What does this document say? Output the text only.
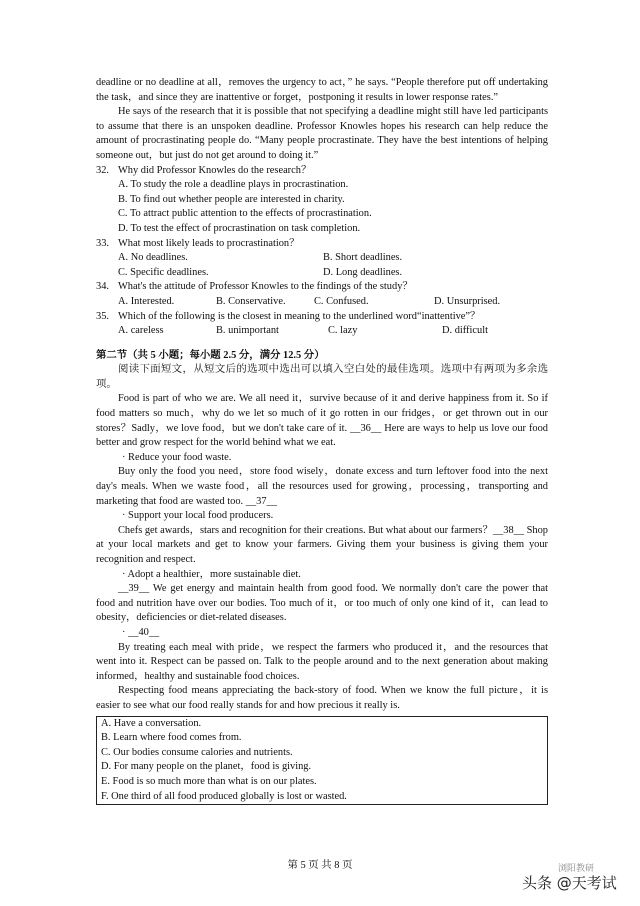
deadline or no deadline at all，removes the urgency to act，” he says. “People therefore put off undertaking the task，and since they are inattentive or forget，postponing it results in lower response rates.”

He says of the research that it is possible that not specifying a deadline might still have led participants to assume that there is an unspoken deadline. Professor Knowles hopes his research can help reduce the amount of procrastinating people do. “Many people procrastinate. They have the best intentions of helping someone out，but just do not get around to doing it.”

32. Why did Professor Knowles do the research？
A. To study the role a deadline plays in procrastination.
B. To find out whether people are interested in charity.
C. To attract public attention to the effects of procrastination.
D. To test the effect of procrastination on task completion.
33. What most likely leads to procrastination？
A. No deadlines.	B. Short deadlines.
C. Specific deadlines.	D. Long deadlines.
34. What's the attitude of Professor Knowles to the findings of the study？
A. Interested.	B. Conservative.	C. Confused.	D. Unsurprised.
35. Which of the following is the closest in meaning to the underlined word“inattentive”？
A. careless	B. unimportant	C. lazy	D. difficult

第二节（共 5 小题；每小题 2.5 分，满分 12.5 分）

阅读下面短文，从短文后的选项中选出可以填入空白处的最佳选项。选项中有两项为多余选项。

Food is part of who we are. We all need it，survive because of it and derive happiness from it. So if food matters so much，why do we let so much of it go rotten in our fridges，or get thrown out in our stores？Sadly，we love food，but we don't take care of it. __36__ Here are ways to help us love our food better and grow respect for the world behind what we eat.

· Reduce your food waste.

Buy only the food you need，store food wisely，donate excess and turn leftover food into the next day's meals. When we waste food，all the resources used for growing，processing，transporting and marketing that food are wasted too. __37__

· Support your local food producers.

Chefs get awards，stars and recognition for their creations. But what about our farmers？__38__ Shop at your local markets and get to know your farmers. Giving them your business is giving them your recognition and respect.

· Adopt a healthier，more sustainable diet.

__39__ We get energy and maintain health from good food. We normally don't care the power that food and nutrition have over our bodies. Too much of it，or too much of only one kind of it，can lead to obesity，deficiencies or diet-related diseases.

· __40__

By treating each meal with pride，we respect the farmers who produced it，and the resources that went into it. Respect can be passed on. Talk to the people around and to the next generation about making informed，healthy and sustainable food choices.

Respecting food means appreciating the back-story of food. When we know the full picture，it is easier to see what our food really stands for and how precious it really is.

A. Have a conversation.
B. Learn where food comes from.
C. Our bodies consume calories and nutrients.
D. For many people on the planet，food is giving.
E. Food is so much more than what is on our plates.
F. One third of all food produced globally is lost or wasted.
第 5 页 共 8 页	浏阳教研
头条 @天考试
